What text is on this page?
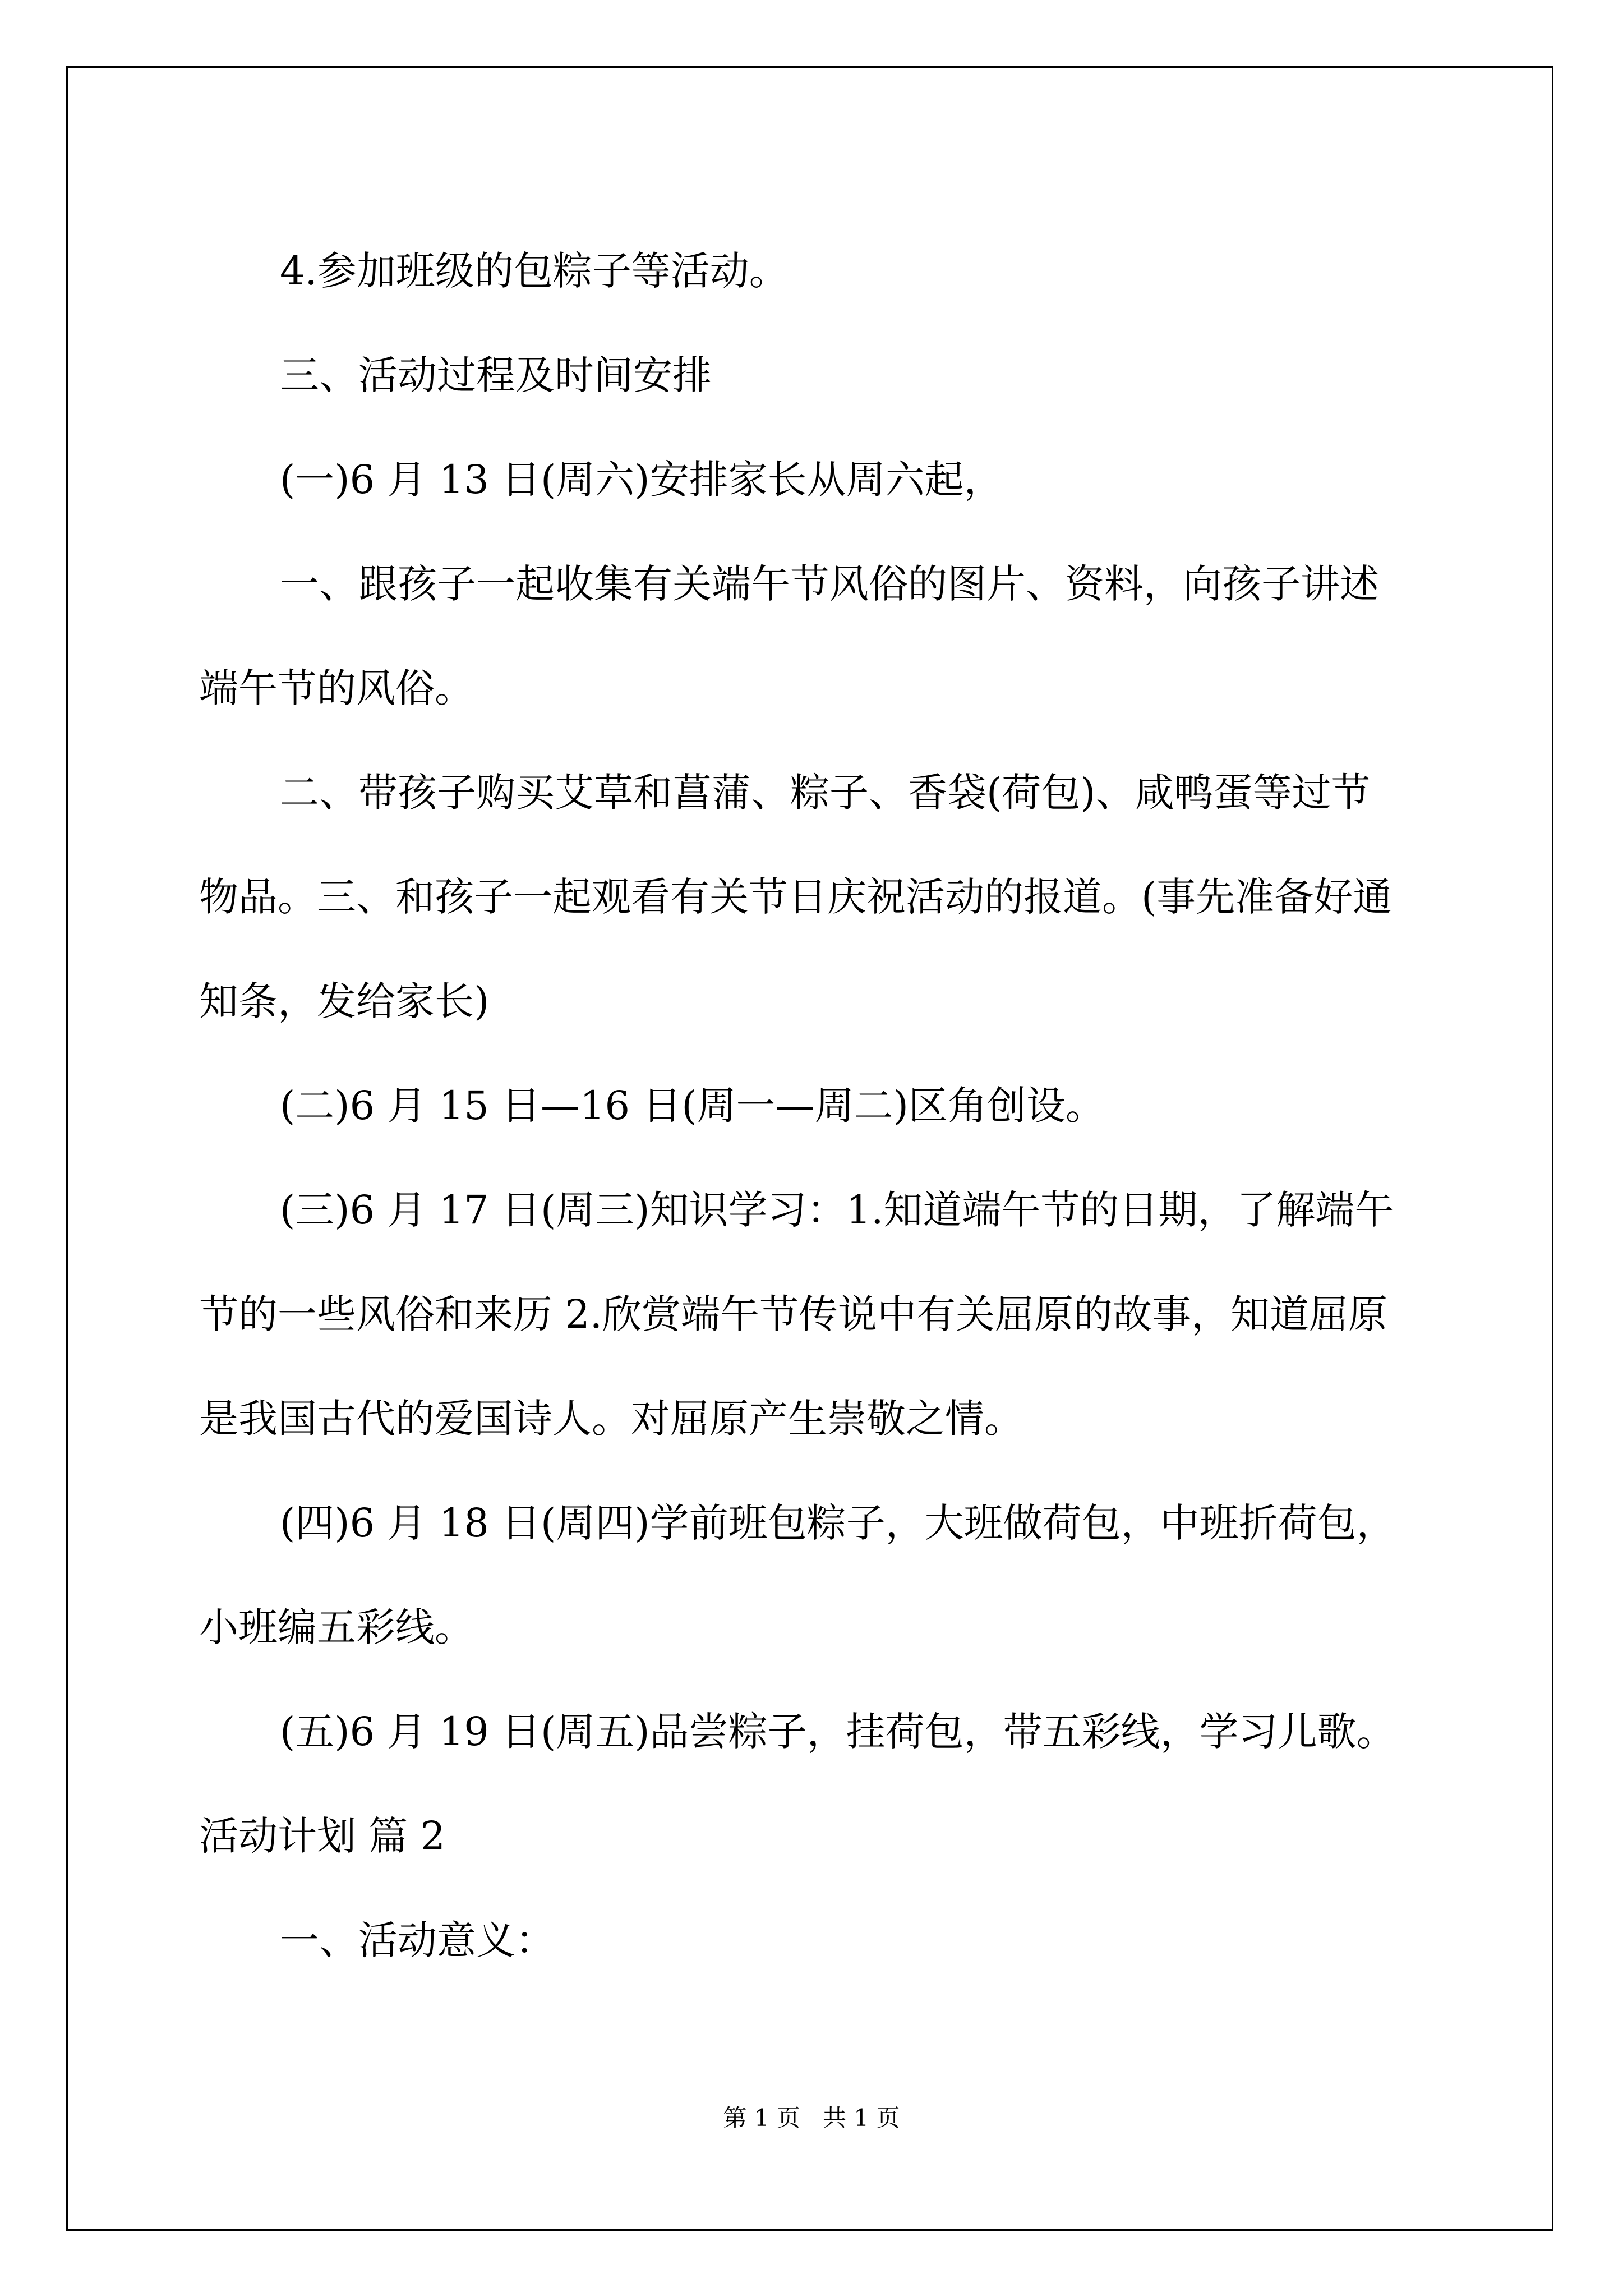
4.参加班级的包粽子等活动。
三、活动过程及时间安排
(一)6 月 13 日(周六)安排家长从周六起，
一、跟孩子一起收集有关端午节风俗的图片、资料，向孩子讲述
端午节的风俗。
二、带孩子购买艾草和菖蒲、粽子、香袋(荷包)、咸鸭蛋等过节
物品。三、和孩子一起观看有关节日庆祝活动的报道。(事先准备好通
知条，发给家长)
(二)6 月 15 日—16 日(周一—周二)区角创设。
(三)6 月 17 日(周三)知识学习：1.知道端午节的日期，了解端午
节的一些风俗和来历 2.欣赏端午节传说中有关屈原的故事，知道屈原
是我国古代的爱国诗人。对屈原产生崇敬之情。
(四)6 月 18 日(周四)学前班包粽子，大班做荷包，中班折荷包，
小班编五彩线。
(五)6 月 19 日(周五)品尝粽子，挂荷包，带五彩线，学习儿歌。
活动计划 篇 2
一、活动意义：
第 1 页   共 1 页
